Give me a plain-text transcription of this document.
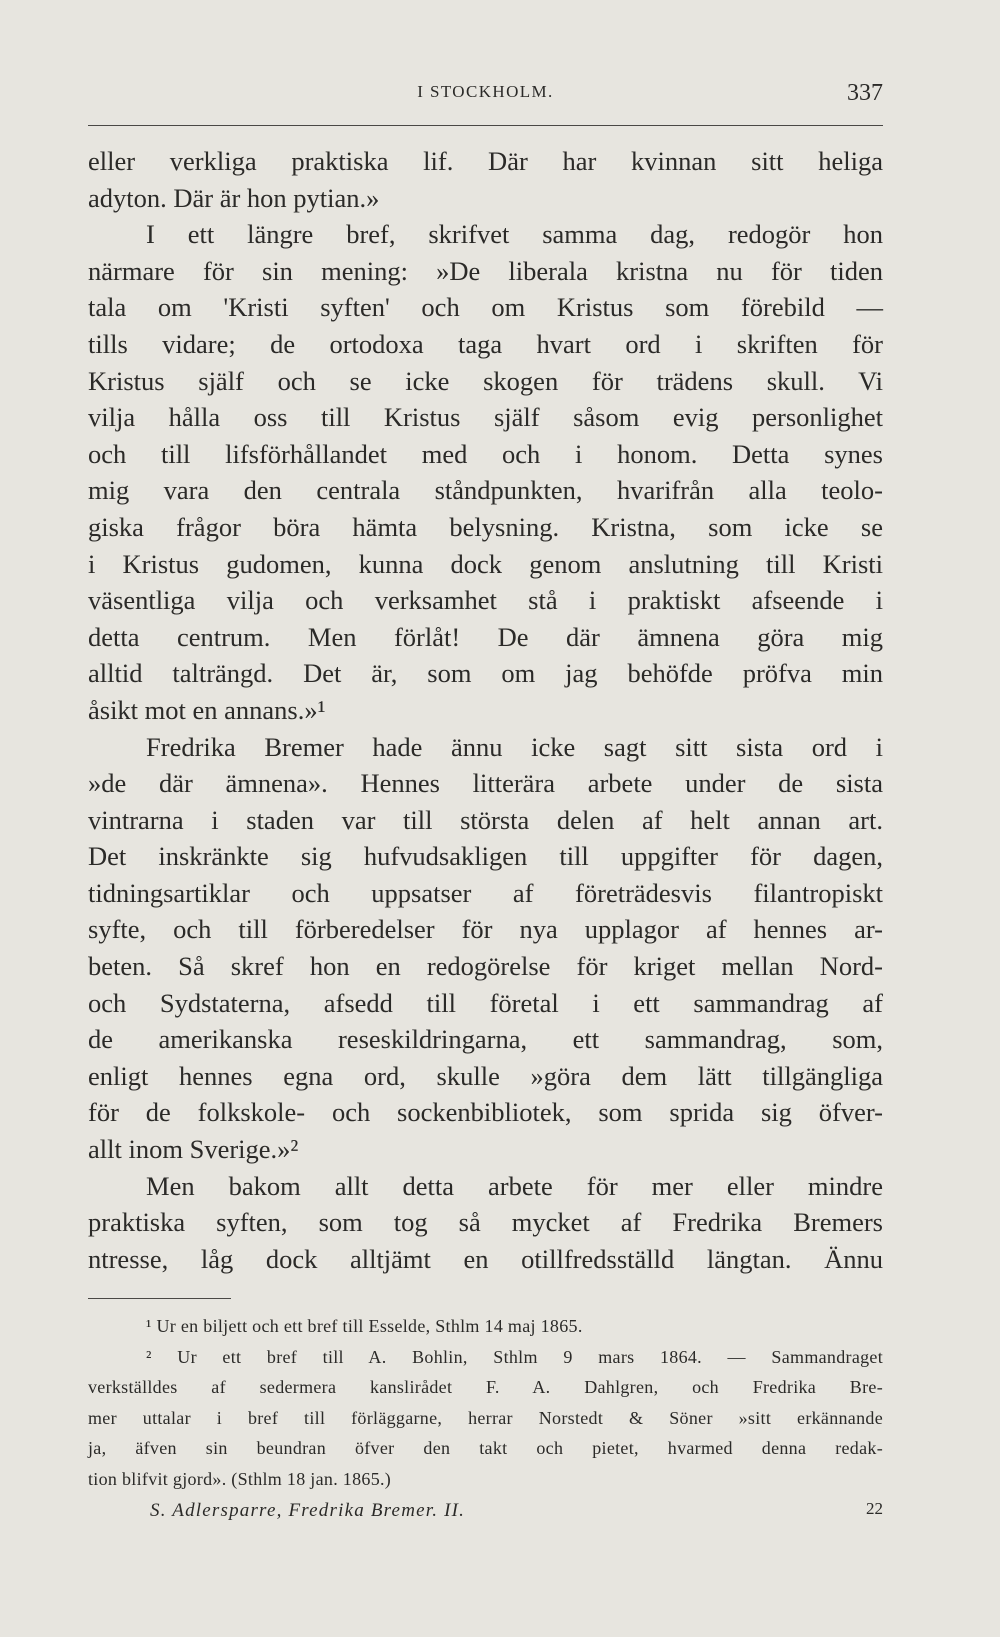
I STOCKHOLM.	337
eller verkliga praktiska lif. Där har kvinnan sitt heliga
adyton. Där är hon pytian.»
I ett längre bref, skrifvet samma dag, redogör hon
närmare för sin mening: »De liberala kristna nu för tiden
tala om 'Kristi syften' och om Kristus som förebild —
tills vidare; de ortodoxa taga hvart ord i skriften för
Kristus själf och se icke skogen för trädens skull. Vi
vilja hålla oss till Kristus själf såsom evig personlighet
och till lifsförhållandet med och i honom. Detta synes
mig vara den centrala ståndpunkten, hvarifrån alla teolo-
giska frågor böra hämta belysning. Kristna, som icke se
i Kristus gudomen, kunna dock genom anslutning till Kristi
väsentliga vilja och verksamhet stå i praktiskt afseende i
detta centrum. Men förlåt! De där ämnena göra mig
alltid talträngd. Det är, som om jag behöfde pröfva min
åsikt mot en annans.»¹
Fredrika Bremer hade ännu icke sagt sitt sista ord i
»de där ämnena». Hennes litterära arbete under de sista
vintrarna i staden var till största delen af helt annan art.
Det inskränkte sig hufvudsakligen till uppgifter för dagen,
tidningsartiklar och uppsatser af företrädesvis filantropiskt
syfte, och till förberedelser för nya upplagor af hennes ar-
beten. Så skref hon en redogörelse för kriget mellan Nord-
och Sydstaterna, afsedd till företal i ett sammandrag af
de amerikanska reseskildringarna, ett sammandrag, som,
enligt hennes egna ord, skulle »göra dem lätt tillgängliga
för de folkskole- och sockenbibliotek, som sprida sig öfver-
allt inom Sverige.»²
Men bakom allt detta arbete för mer eller mindre
praktiska syften, som tog så mycket af Fredrika Bremers
ntresse, låg dock alltjämt en otillfredsställd längtan. Ännu
¹ Ur en biljett och ett bref till Esselde, Sthlm 14 maj 1865.
² Ur ett bref till A. Bohlin, Sthlm 9 mars 1864. — Sammandraget
verkställdes af sedermera kanslirådet F. A. Dahlgren, och Fredrika Bre-
mer uttalar i bref till förläggarne, herrar Norstedt & Söner »sitt erkännande
ja, äfven sin beundran öfver den takt och pietet, hvarmed denna redak-
tion blifvit gjord». (Sthlm 18 jan. 1865.)
S. Adlersparre, Fredrika Bremer. II.	22
